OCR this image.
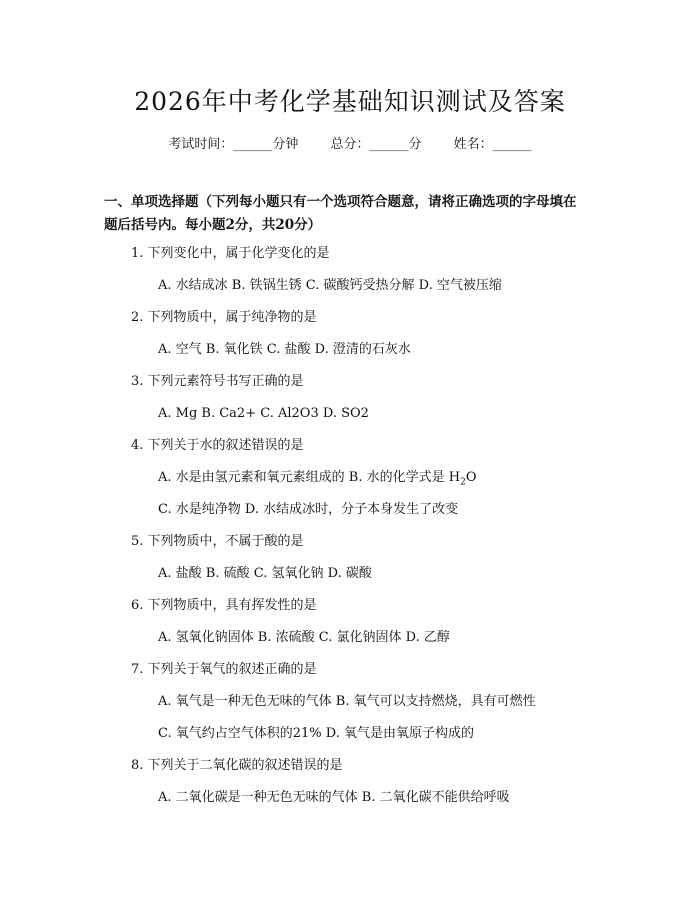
2026年中考化学基础知识测试及答案
考试时间：______分钟 总分：______分 姓名：______
一、单项选择题（下列每小题只有一个选项符合题意，请将正确选项的字母填在
题后括号内。每小题2分，共20分）
1. 下列变化中，属于化学变化的是
A. 水结成冰 B. 铁锅生锈 C. 碳酸钙受热分解 D. 空气被压缩
2. 下列物质中，属于纯净物的是
A. 空气 B. 氧化铁 C. 盐酸 D. 澄清的石灰水
3. 下列元素符号书写正确的是
A. Mg B. Ca2+ C. Al2O3 D. SO2
4. 下列关于水的叙述错误的是
A. 水是由氢元素和氧元素组成的 B. 水的化学式是 $H_2O$
C. 水是纯净物 D. 水结成冰时，分子本身发生了改变
5. 下列物质中，不属于酸的是
A. 盐酸 B. 硫酸 C. 氢氧化钠 D. 碳酸
6. 下列物质中，具有挥发性的是
A. 氢氧化钠固体 B. 浓硫酸 C. 氯化钠固体 D. 乙醇
7. 下列关于氧气的叙述正确的是
A. 氧气是一种无色无味的气体 B. 氧气可以支持燃烧，具有可燃性
C. 氧气约占空气体积的21% D. 氧气是由氧原子构成的
8. 下列关于二氧化碳的叙述错误的是
A. 二氧化碳是一种无色无味的气体 B. 二氧化碳不能供给呼吸
